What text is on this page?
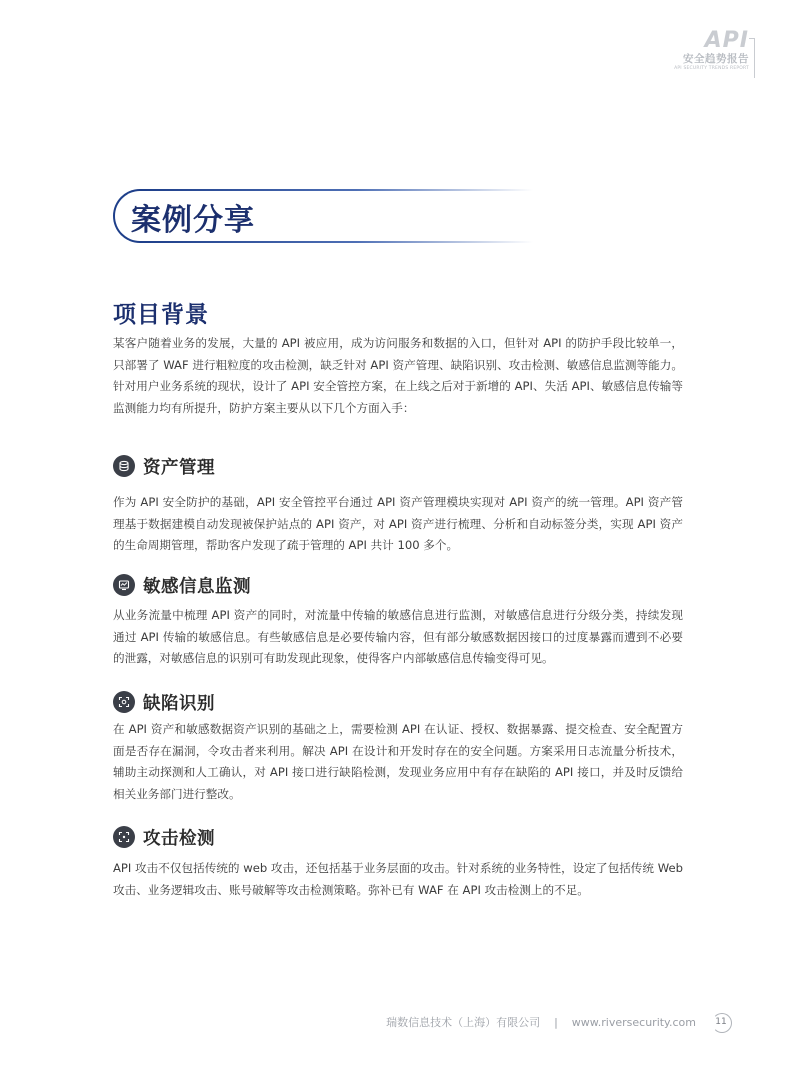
API
安全趋势报告
API SECURITY TRENDS REPORT
案例分享
项目背景
某客户随着业务的发展，大量的 API 被应用，成为访问服务和数据的入口，但针对 API 的防护手段比较单一，只部署了 WAF 进行粗粒度的攻击检测，缺乏针对 API 资产管理、缺陷识别、攻击检测、敏感信息监测等能力。针对用户业务系统的现状，设计了 API 安全管控方案，在上线之后对于新增的 API、失活 API、敏感信息传输等监测能力均有所提升，防护方案主要从以下几个方面入手：
资产管理
作为 API 安全防护的基础，API 安全管控平台通过 API 资产管理模块实现对 API 资产的统一管理。API 资产管理基于数据建模自动发现被保护站点的 API 资产，对 API 资产进行梳理、分析和自动标签分类，实现 API 资产的生命周期管理，帮助客户发现了疏于管理的 API 共计 100 多个。
敏感信息监测
从业务流量中梳理 API 资产的同时，对流量中传输的敏感信息进行监测，对敏感信息进行分级分类，持续发现通过 API 传输的敏感信息。有些敏感信息是必要传输内容，但有部分敏感数据因接口的过度暴露而遭到不必要的泄露，对敏感信息的识别可有助发现此现象，使得客户内部敏感信息传输变得可见。
缺陷识别
在 API 资产和敏感数据资产识别的基础之上，需要检测 API 在认证、授权、数据暴露、提交检查、安全配置方面是否存在漏洞，令攻击者来利用。解决 API 在设计和开发时存在的安全问题。方案采用日志流量分析技术，辅助主动探测和人工确认，对 API 接口进行缺陷检测，发现业务应用中有存在缺陷的 API 接口，并及时反馈给相关业务部门进行整改。
攻击检测
API 攻击不仅包括传统的 web 攻击，还包括基于业务层面的攻击。针对系统的业务特性，设定了包括传统 Web 攻击、业务逻辑攻击、账号破解等攻击检测策略。弥补已有 WAF 在 API 攻击检测上的不足。
瑞数信息技术（上海）有限公司 | www.riversecurity.com	11
